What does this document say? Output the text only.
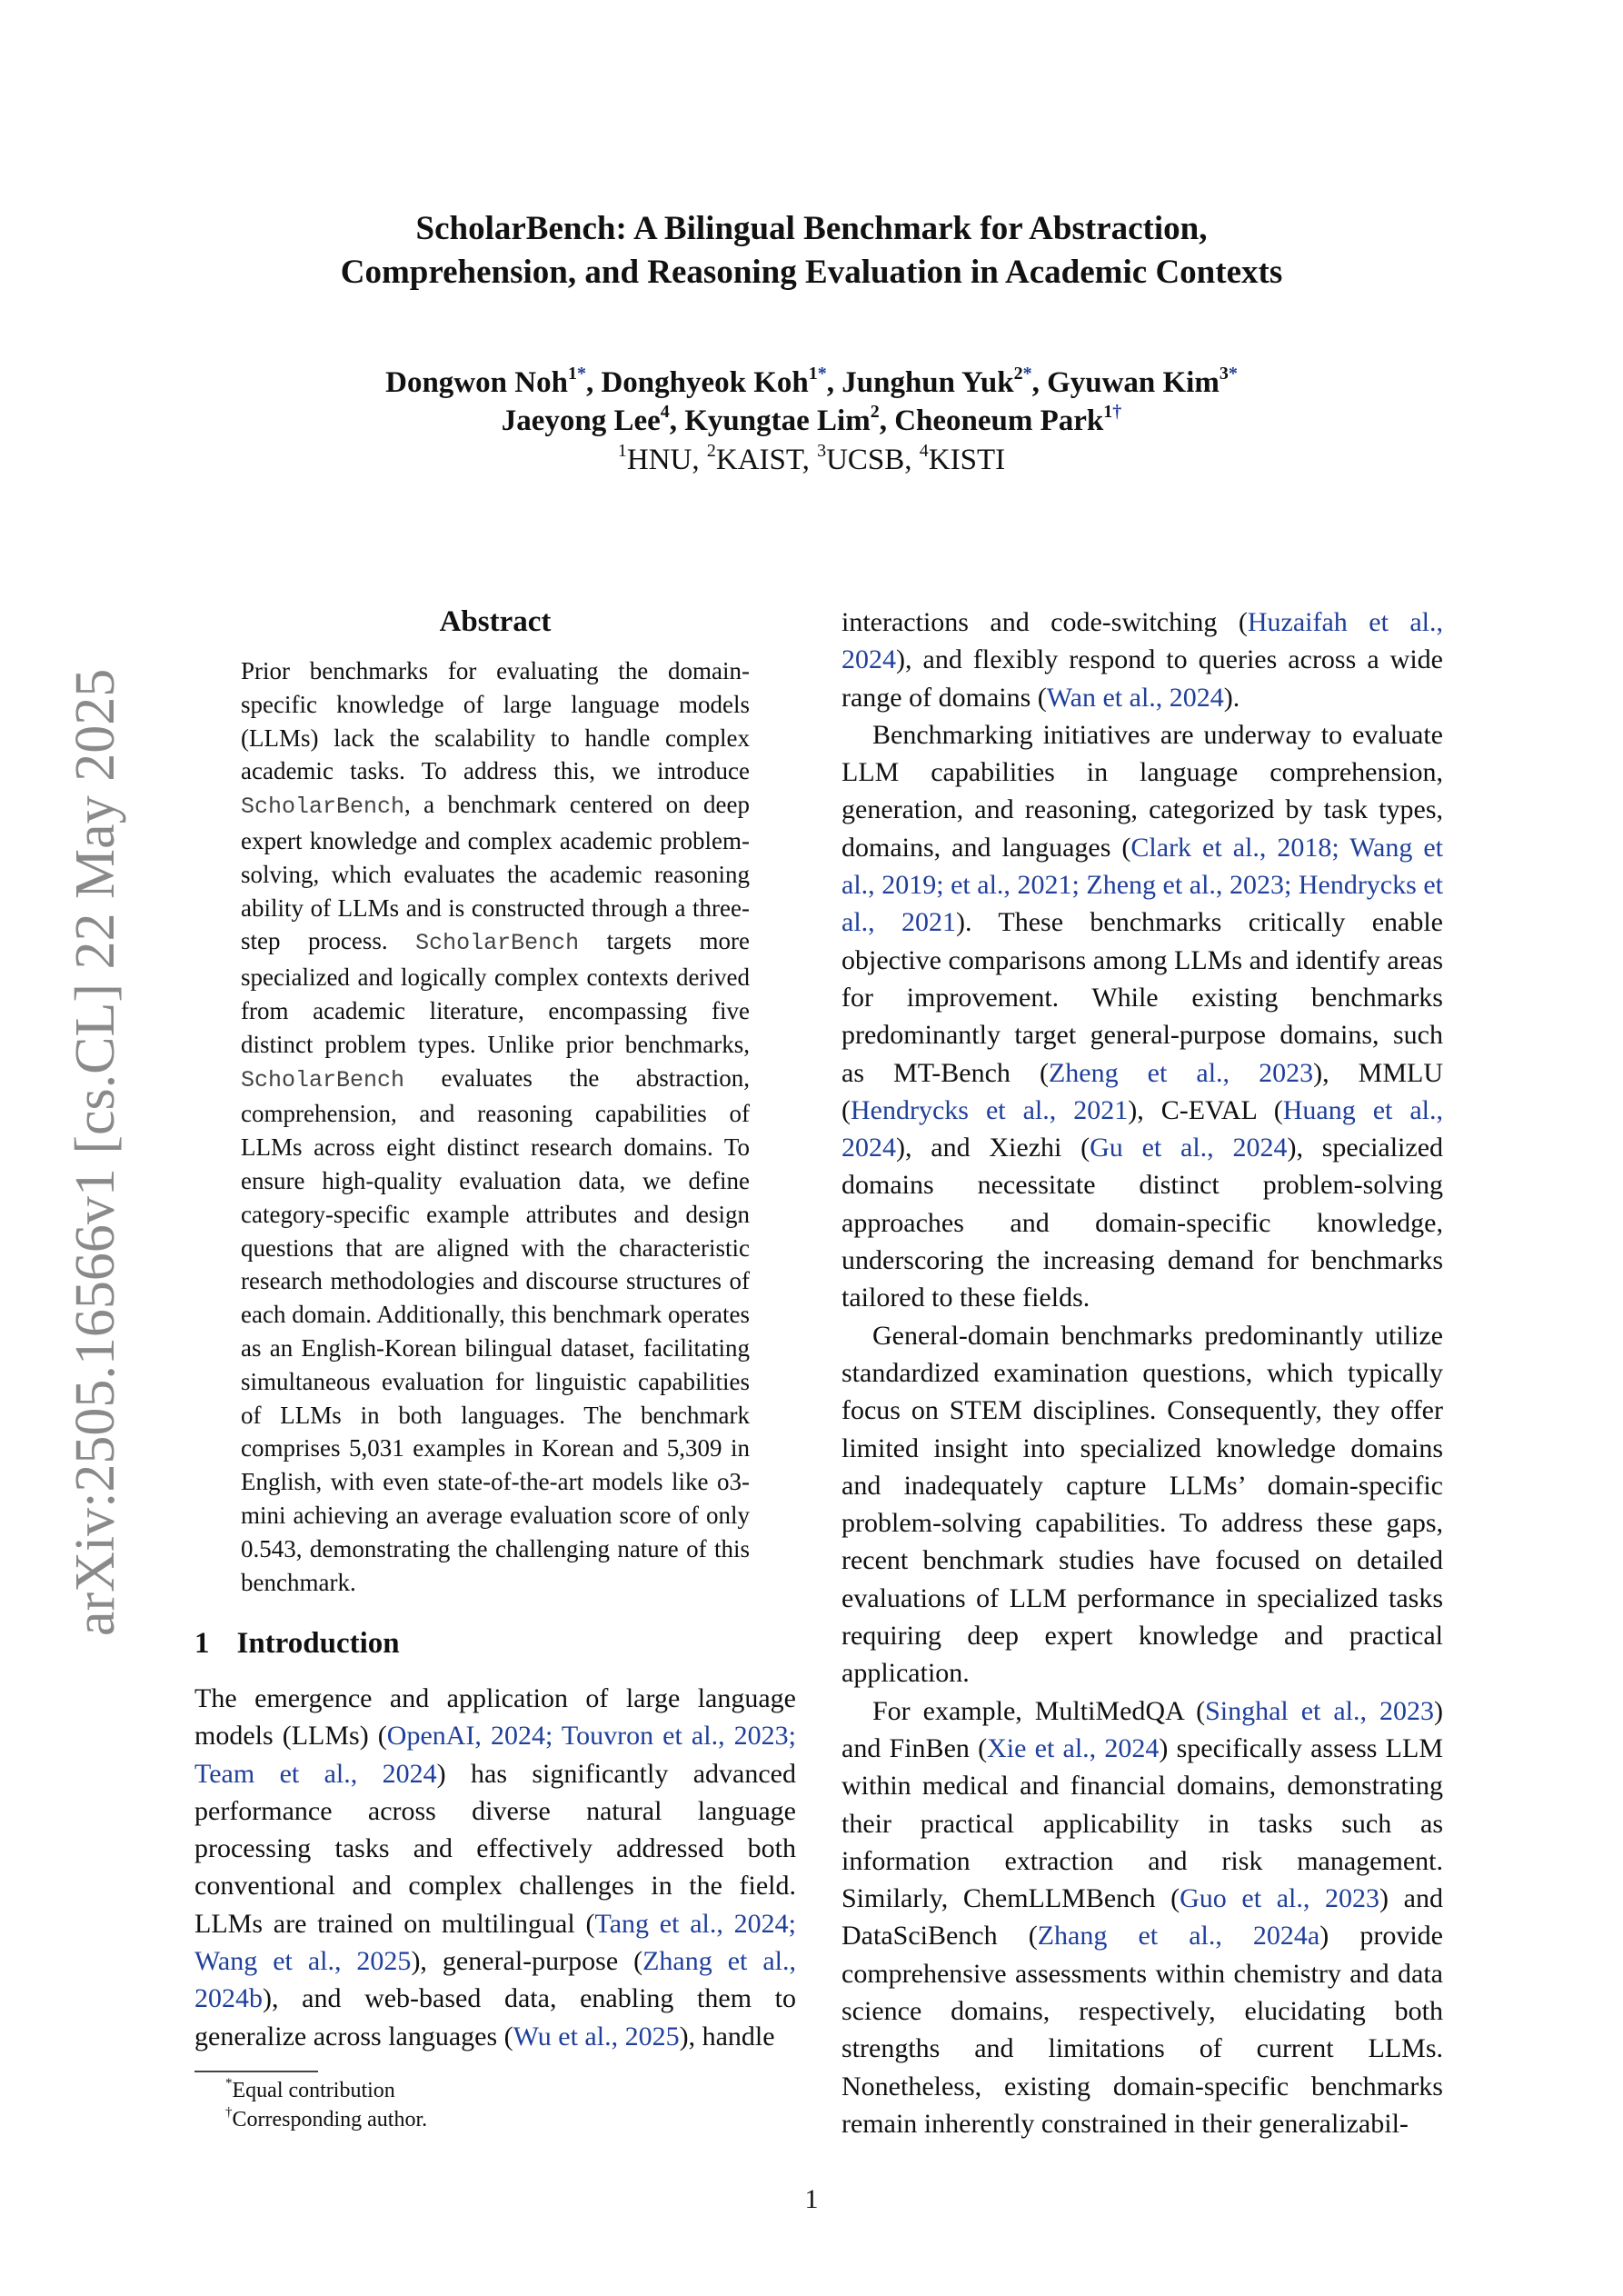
arXiv:2505.16566v1 [cs.CL] 22 May 2025
ScholarBench: A Bilingual Benchmark for Abstraction,
Comprehension, and Reasoning Evaluation in Academic Contexts
Dongwon Noh$^{1*}$, Donghyeok Koh$^{1*}$, Junghun Yuk$^{2*}$, Gyuwan Kim$^{3*}$
Jaeyong Lee$^4$, Kyungtae Lim$^2$, Cheoneum Park$^{1\dagger}$
$^1$HNU, $^2$KAIST, $^3$UCSB, $^4$KISTI
Abstract

Prior benchmarks for evaluating the domain-specific knowledge of large language models (LLMs) lack the scalability to handle complex academic tasks. To address this, we introduce ScholarBench, a benchmark centered on deep expert knowledge and complex academic problem-solving, which evaluates the academic reasoning ability of LLMs and is constructed through a three-step process. ScholarBench targets more specialized and logically complex contexts derived from academic literature, encompassing five distinct problem types. Unlike prior benchmarks, ScholarBench evaluates the abstraction, comprehension, and reasoning capabilities of LLMs across eight distinct research domains. To ensure high-quality evaluation data, we define category-specific example attributes and design questions that are aligned with the characteristic research methodologies and discourse structures of each domain. Additionally, this benchmark operates as an English-Korean bilingual dataset, facilitating simultaneous evaluation for linguistic capabilities of LLMs in both languages. The benchmark comprises 5,031 examples in Korean and 5,309 in English, with even state-of-the-art models like o3-mini achieving an average evaluation score of only 0.543, demonstrating the challenging nature of this benchmark.

1 Introduction

The emergence and application of large language models (LLMs) (OpenAI, 2024; Touvron et al., 2023; Team et al., 2024) has significantly advanced performance across diverse natural language processing tasks and effectively addressed both conventional and complex challenges in the field. LLMs are trained on multilingual (Tang et al., 2024; Wang et al., 2025), general-purpose (Zhang et al., 2024b), and web-based data, enabling them to generalize across languages (Wu et al., 2025), handle

interactions and code-switching (Huzaifah et al., 2024), and flexibly respond to queries across a wide range of domains (Wan et al., 2024).

Benchmarking initiatives are underway to evaluate LLM capabilities in language comprehension, generation, and reasoning, categorized by task types, domains, and languages (Clark et al., 2018; Wang et al., 2019; et al., 2021; Zheng et al., 2023; Hendrycks et al., 2021). These benchmarks critically enable objective comparisons among LLMs and identify areas for improvement. While existing benchmarks predominantly target general-purpose domains, such as MT-Bench (Zheng et al., 2023), MMLU (Hendrycks et al., 2021), C-EVAL (Huang et al., 2024), and Xiezhi (Gu et al., 2024), specialized domains necessitate distinct problem-solving approaches and domain-specific knowledge, underscoring the increasing demand for benchmarks tailored to these fields.

General-domain benchmarks predominantly utilize standardized examination questions, which typically focus on STEM disciplines. Consequently, they offer limited insight into specialized knowledge domains and inadequately capture LLMs’ domain-specific problem-solving capabilities. To address these gaps, recent benchmark studies have focused on detailed evaluations of LLM performance in specialized tasks requiring deep expert knowledge and practical application.

For example, MultiMedQA (Singhal et al., 2023) and FinBen (Xie et al., 2024) specifically assess LLM within medical and financial domains, demonstrating their practical applicability in tasks such as information extraction and risk management. Similarly, ChemLLMBench (Guo et al., 2023) and DataSciBench (Zhang et al., 2024a) provide comprehensive assessments within chemistry and data science domains, respectively, elucidating both strengths and limitations of current LLMs. Nonetheless, existing domain-specific benchmarks remain inherently constrained in their generalizabil-

*Equal contribution
†Corresponding author.
1
